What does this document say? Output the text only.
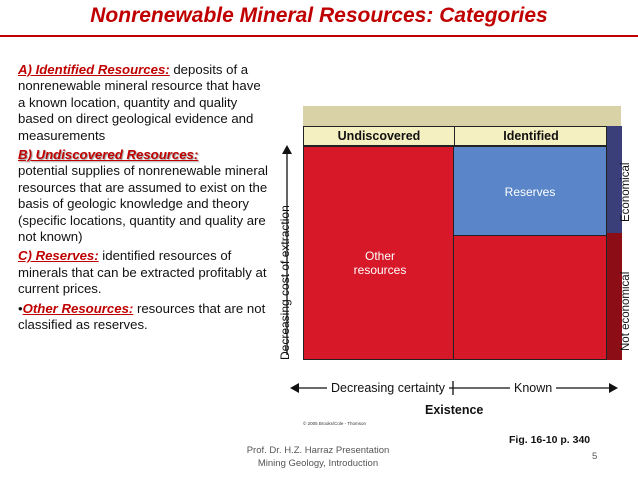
Nonrenewable Mineral Resources: Categories

A) Identified Resources: deposits of a nonrenewable mineral resource that have a known location, quantity and quality based on direct geological evidence and measurements

B) Undiscovered Resources:
potential supplies of nonrenewable mineral resources that are assumed to exist on the basis of geologic knowledge and theory (specific locations, quantity and quality are not known)

C) Reserves: identified resources of minerals that can be extracted profitably at current prices.

•Other Resources: resources that are not classified as reserves.

Undiscovered	Identified
Reserves
Other
resources
Economical
Not economical
Decreasing cost of extraction
Decreasing certainty	Known
Existence
© 2005 Brooks/Cole - Thomson
Fig. 16-10 p. 340
Prof. Dr. H.Z. Harraz Presentation
Mining Geology, Introduction
5
